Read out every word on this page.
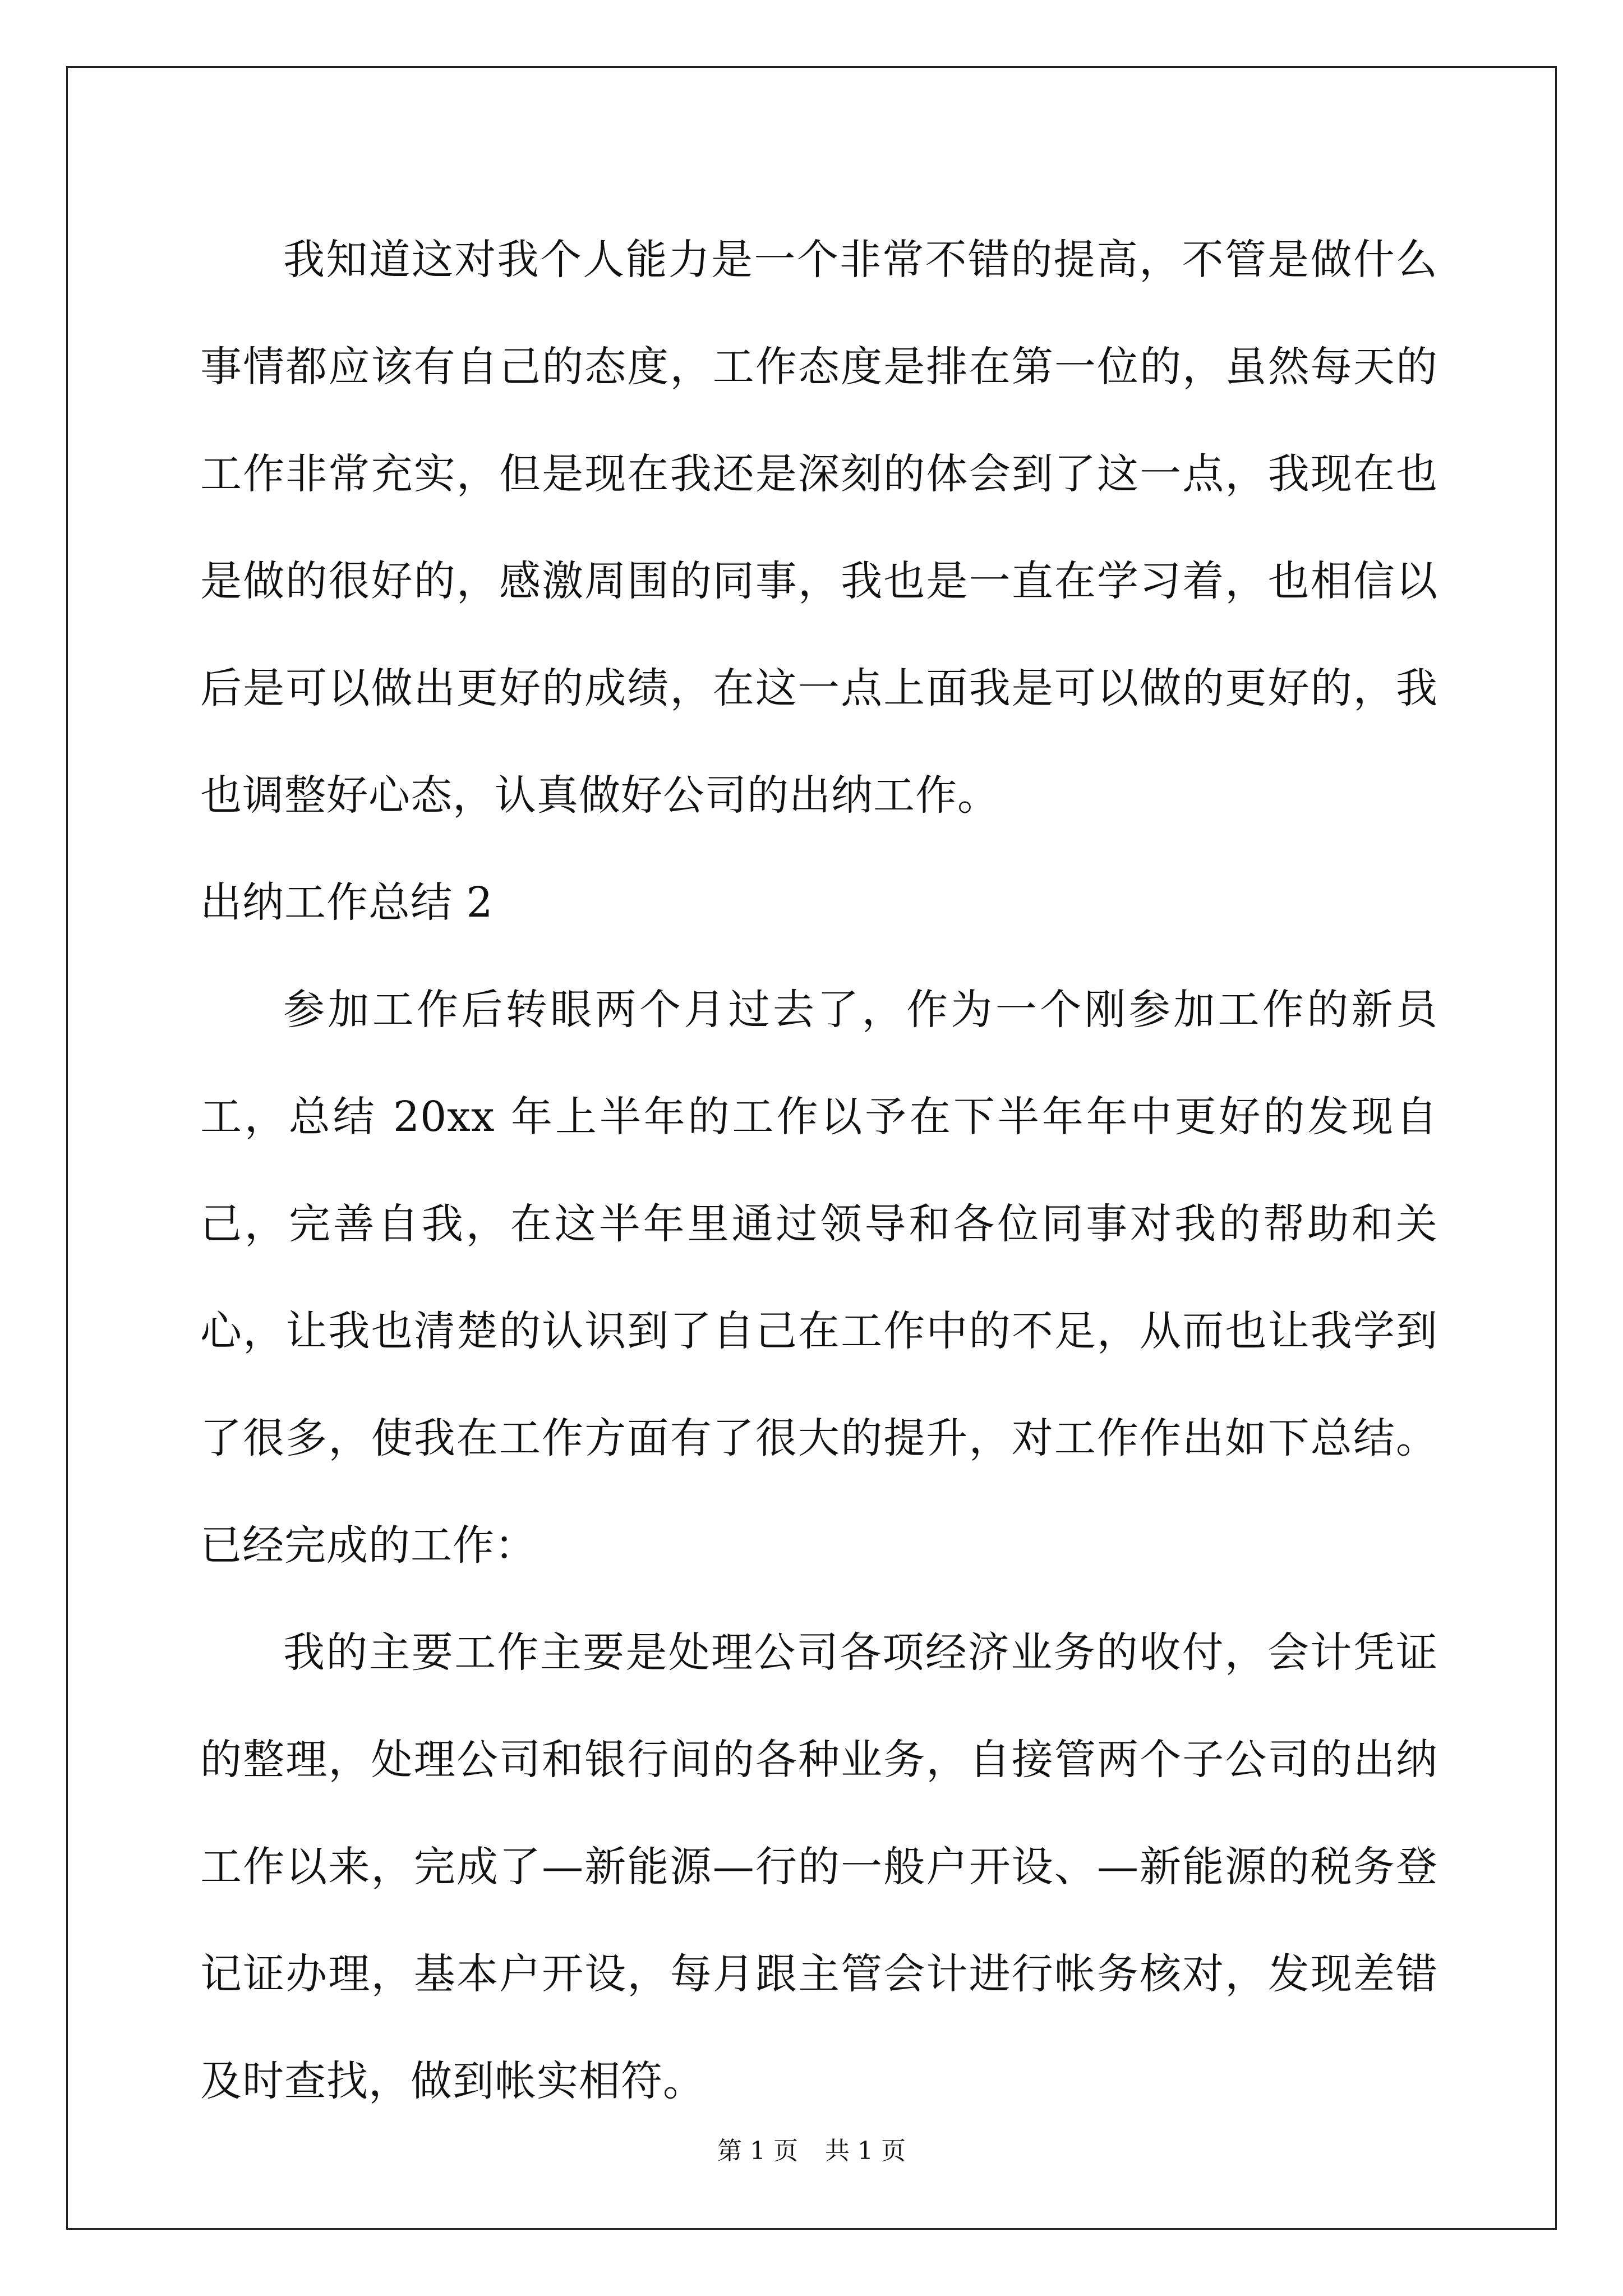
我知道这对我个人能力是一个非常不错的提高，不管是做什么事情都应该有自己的态度，工作态度是排在第一位的，虽然每天的工作非常充实，但是现在我还是深刻的体会到了这一点，我现在也是做的很好的，感激周围的同事，我也是一直在学习着，也相信以后是可以做出更好的成绩，在这一点上面我是可以做的更好的，我也调整好心态，认真做好公司的出纳工作。

出纳工作总结 2

参加工作后转眼两个月过去了，作为一个刚参加工作的新员工，总结 20xx 年上半年的工作以予在下半年年中更好的发现自己，完善自我，在这半年里通过领导和各位同事对我的帮助和关心，让我也清楚的认识到了自己在工作中的不足，从而也让我学到了很多，使我在工作方面有了很大的提升，对工作作出如下总结。已经完成的工作：

我的主要工作主要是处理公司各项经济业务的收付，会计凭证的整理，处理公司和银行间的各种业务，自接管两个子公司的出纳工作以来，完成了—新能源—行的一般户开设、—新能源的税务登记证办理，基本户开设，每月跟主管会计进行帐务核对，发现差错及时查找，做到帐实相符。

第 1 页 共 1 页
